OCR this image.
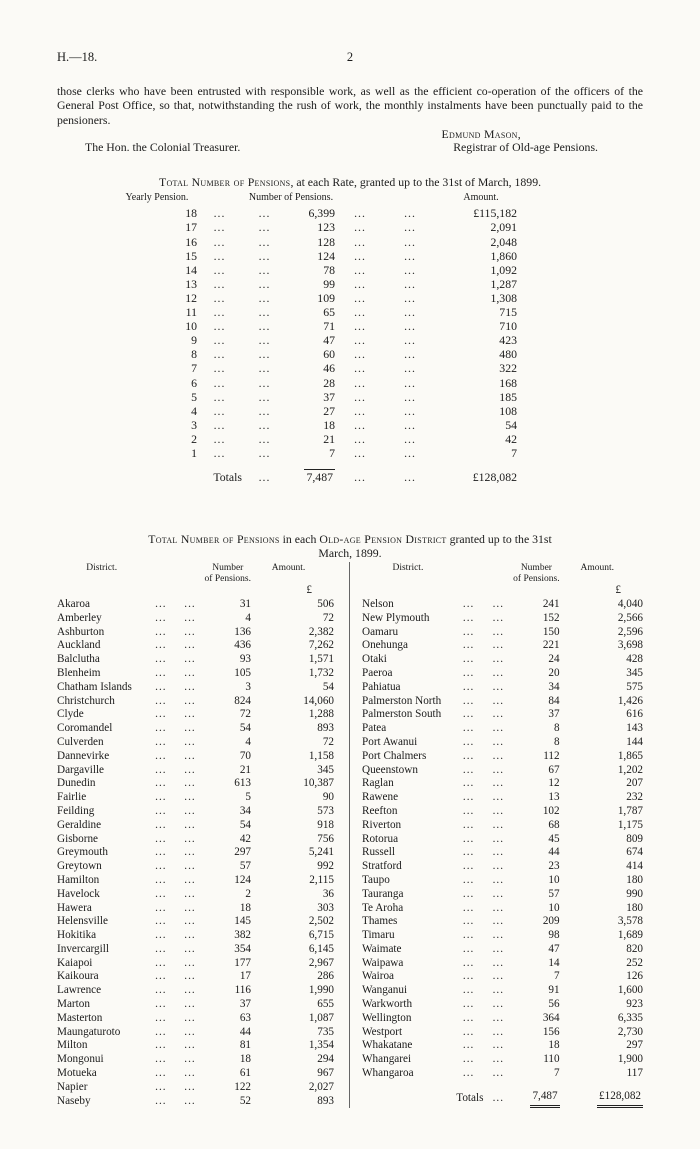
H.—18.	2

those clerks who have been entrusted with responsible work, as well as the efficient co-operation of the officers of the General Post Office, so that, notwithstanding the rush of work, the monthly instalments have been punctually paid to the pensioners.

Edmund Mason,
The Hon. the Colonial Treasurer.	Registrar of Old-age Pensions.
Total Number of Pensions, at each Rate, granted up to the 31st of March, 1899.
Yearly Pension.	Number of Pensions.			Amount.		
18	...	...	6,399	...	...	£115,182
17	...	...	123	...	...	2,091
16	...	...	128	...	...	2,048
15	...	...	124	...	...	1,860
14	...	...	78	...	...	1,092
13	...	...	99	...	...	1,287
12	...	...	109	...	...	1,308
11	...	...	65	...	...	715
10	...	...	71	...	...	710
9	...	...	47	...	...	423
8	...	...	60	...	...	480
7	...	...	46	...	...	322
6	...	...	28	...	...	168
5	...	...	37	...	...	185
4	...	...	27	...	...	108
3	...	...	18	...	...	54
2	...	...	21	...	...	42
1	...	...	7	...	...	7
Totals		...	7,487	...	...	£128,082
Total Number of Pensions in each Old-age Pension District granted up to the 31st
March, 1899.
District.			Number
of Pensions.	Amount.
				£
Akaroa	...	...	31	506
Amberley	...	...	4	72
Ashburton	...	...	136	2,382
Auckland	...	...	436	7,262
Balclutha	...	...	93	1,571
Blenheim	...	...	105	1,732
Chatham Islands	...	...	3	54
Christchurch	...	...	824	14,060
Clyde	...	...	72	1,288
Coromandel	...	...	54	893
Culverden	...	...	4	72
Dannevirke	...	...	70	1,158
Dargaville	...	...	21	345
Dunedin	...	...	613	10,387
Fairlie	...	...	5	90
Feilding	...	...	34	573
Geraldine	...	...	54	918
Gisborne	...	...	42	756
Greymouth	...	...	297	5,241
Greytown	...	...	57	992
Hamilton	...	...	124	2,115
Havelock	...	...	2	36
Hawera	...	...	18	303
Helensville	...	...	145	2,502
Hokitika	...	...	382	6,715
Invercargill	...	...	354	6,145
Kaiapoi	...	...	177	2,967
Kaikoura	...	...	17	286
Lawrence	...	...	116	1,990
Marton	...	...	37	655
Masterton	...	...	63	1,087
Maungaturoto	...	...	44	735
Milton	...	...	81	1,354
Mongonui	...	...	18	294
Motueka	...	...	61	967
Napier	...	...	122	2,027
Naseby	...	...	52	893
District.			Number
of Pensions.	Amount.
				£
Nelson	...	...	241	4,040
New Plymouth	...	...	152	2,566
Oamaru	...	...	150	2,596
Onehunga	...	...	221	3,698
Otaki	...	...	24	428
Paeroa	...	...	20	345
Pahiatua	...	...	34	575
Palmerston North	...	...	84	1,426
Palmerston South	...	...	37	616
Patea	...	...	8	143
Port Awanui	...	...	8	144
Port Chalmers	...	...	112	1,865
Queenstown	...	...	67	1,202
Raglan	...	...	12	207
Rawene	...	...	13	232
Reefton	...	...	102	1,787
Riverton	...	...	68	1,175
Rotorua	...	...	45	809
Russell	...	...	44	674
Stratford	...	...	23	414
Taupo	...	...	10	180
Tauranga	...	...	57	990
Te Aroha	...	...	10	180
Thames	...	...	209	3,578
Timaru	...	...	98	1,689
Waimate	...	...	47	820
Waipawa	...	...	14	252
Wairoa	...	...	7	126
Wanganui	...	...	91	1,600
Warkworth	...	...	56	923
Wellington	...	...	364	6,335
Westport	...	...	156	2,730
Whakatane	...	...	18	297
Whangarei	...	...	110	1,900
Whangaroa	...	...	7	117
Totals		...	7,487	£128,082
